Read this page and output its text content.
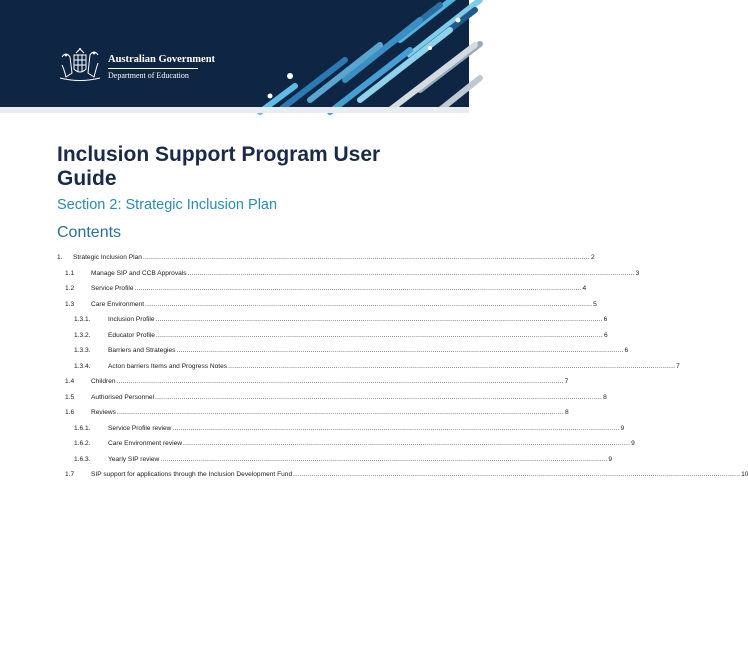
Australian Government
Department of Education
Inclusion Support Program User Guide
Section 2: Strategic Inclusion Plan
Contents
1.	Strategic Inclusion Plan ............................................................................................................................................................................................................................ 2
1.1	Manage SIP and CCB Approvals ............................................................................................................................................................................................................................ 3
1.2	Service Profile ............................................................................................................................................................................................................................ 4
1.3	Care Environment ............................................................................................................................................................................................................................ 5
1.3.1.	Inclusion Profile ............................................................................................................................................................................................................................ 6
1.3.2.	Educator Profile ............................................................................................................................................................................................................................ 6
1.3.3.	Barriers and Strategies ............................................................................................................................................................................................................................ 6
1.3.4.	Acton barriers Items and Progress Notes ............................................................................................................................................................................................................................ 7
1.4	Children ............................................................................................................................................................................................................................ 7
1.5	Authorised Personnel ............................................................................................................................................................................................................................ 8
1.6	Reviews ............................................................................................................................................................................................................................ 8
1.6.1.	Service Profile review ............................................................................................................................................................................................................................ 9
1.6.2.	Care Environment review ............................................................................................................................................................................................................................ 9
1.6.3.	Yearly SIP review ............................................................................................................................................................................................................................ 9
1.7	SIP support for applications through the Inclusion Development Fund ............................................................................................................................................................................................................................ 10
